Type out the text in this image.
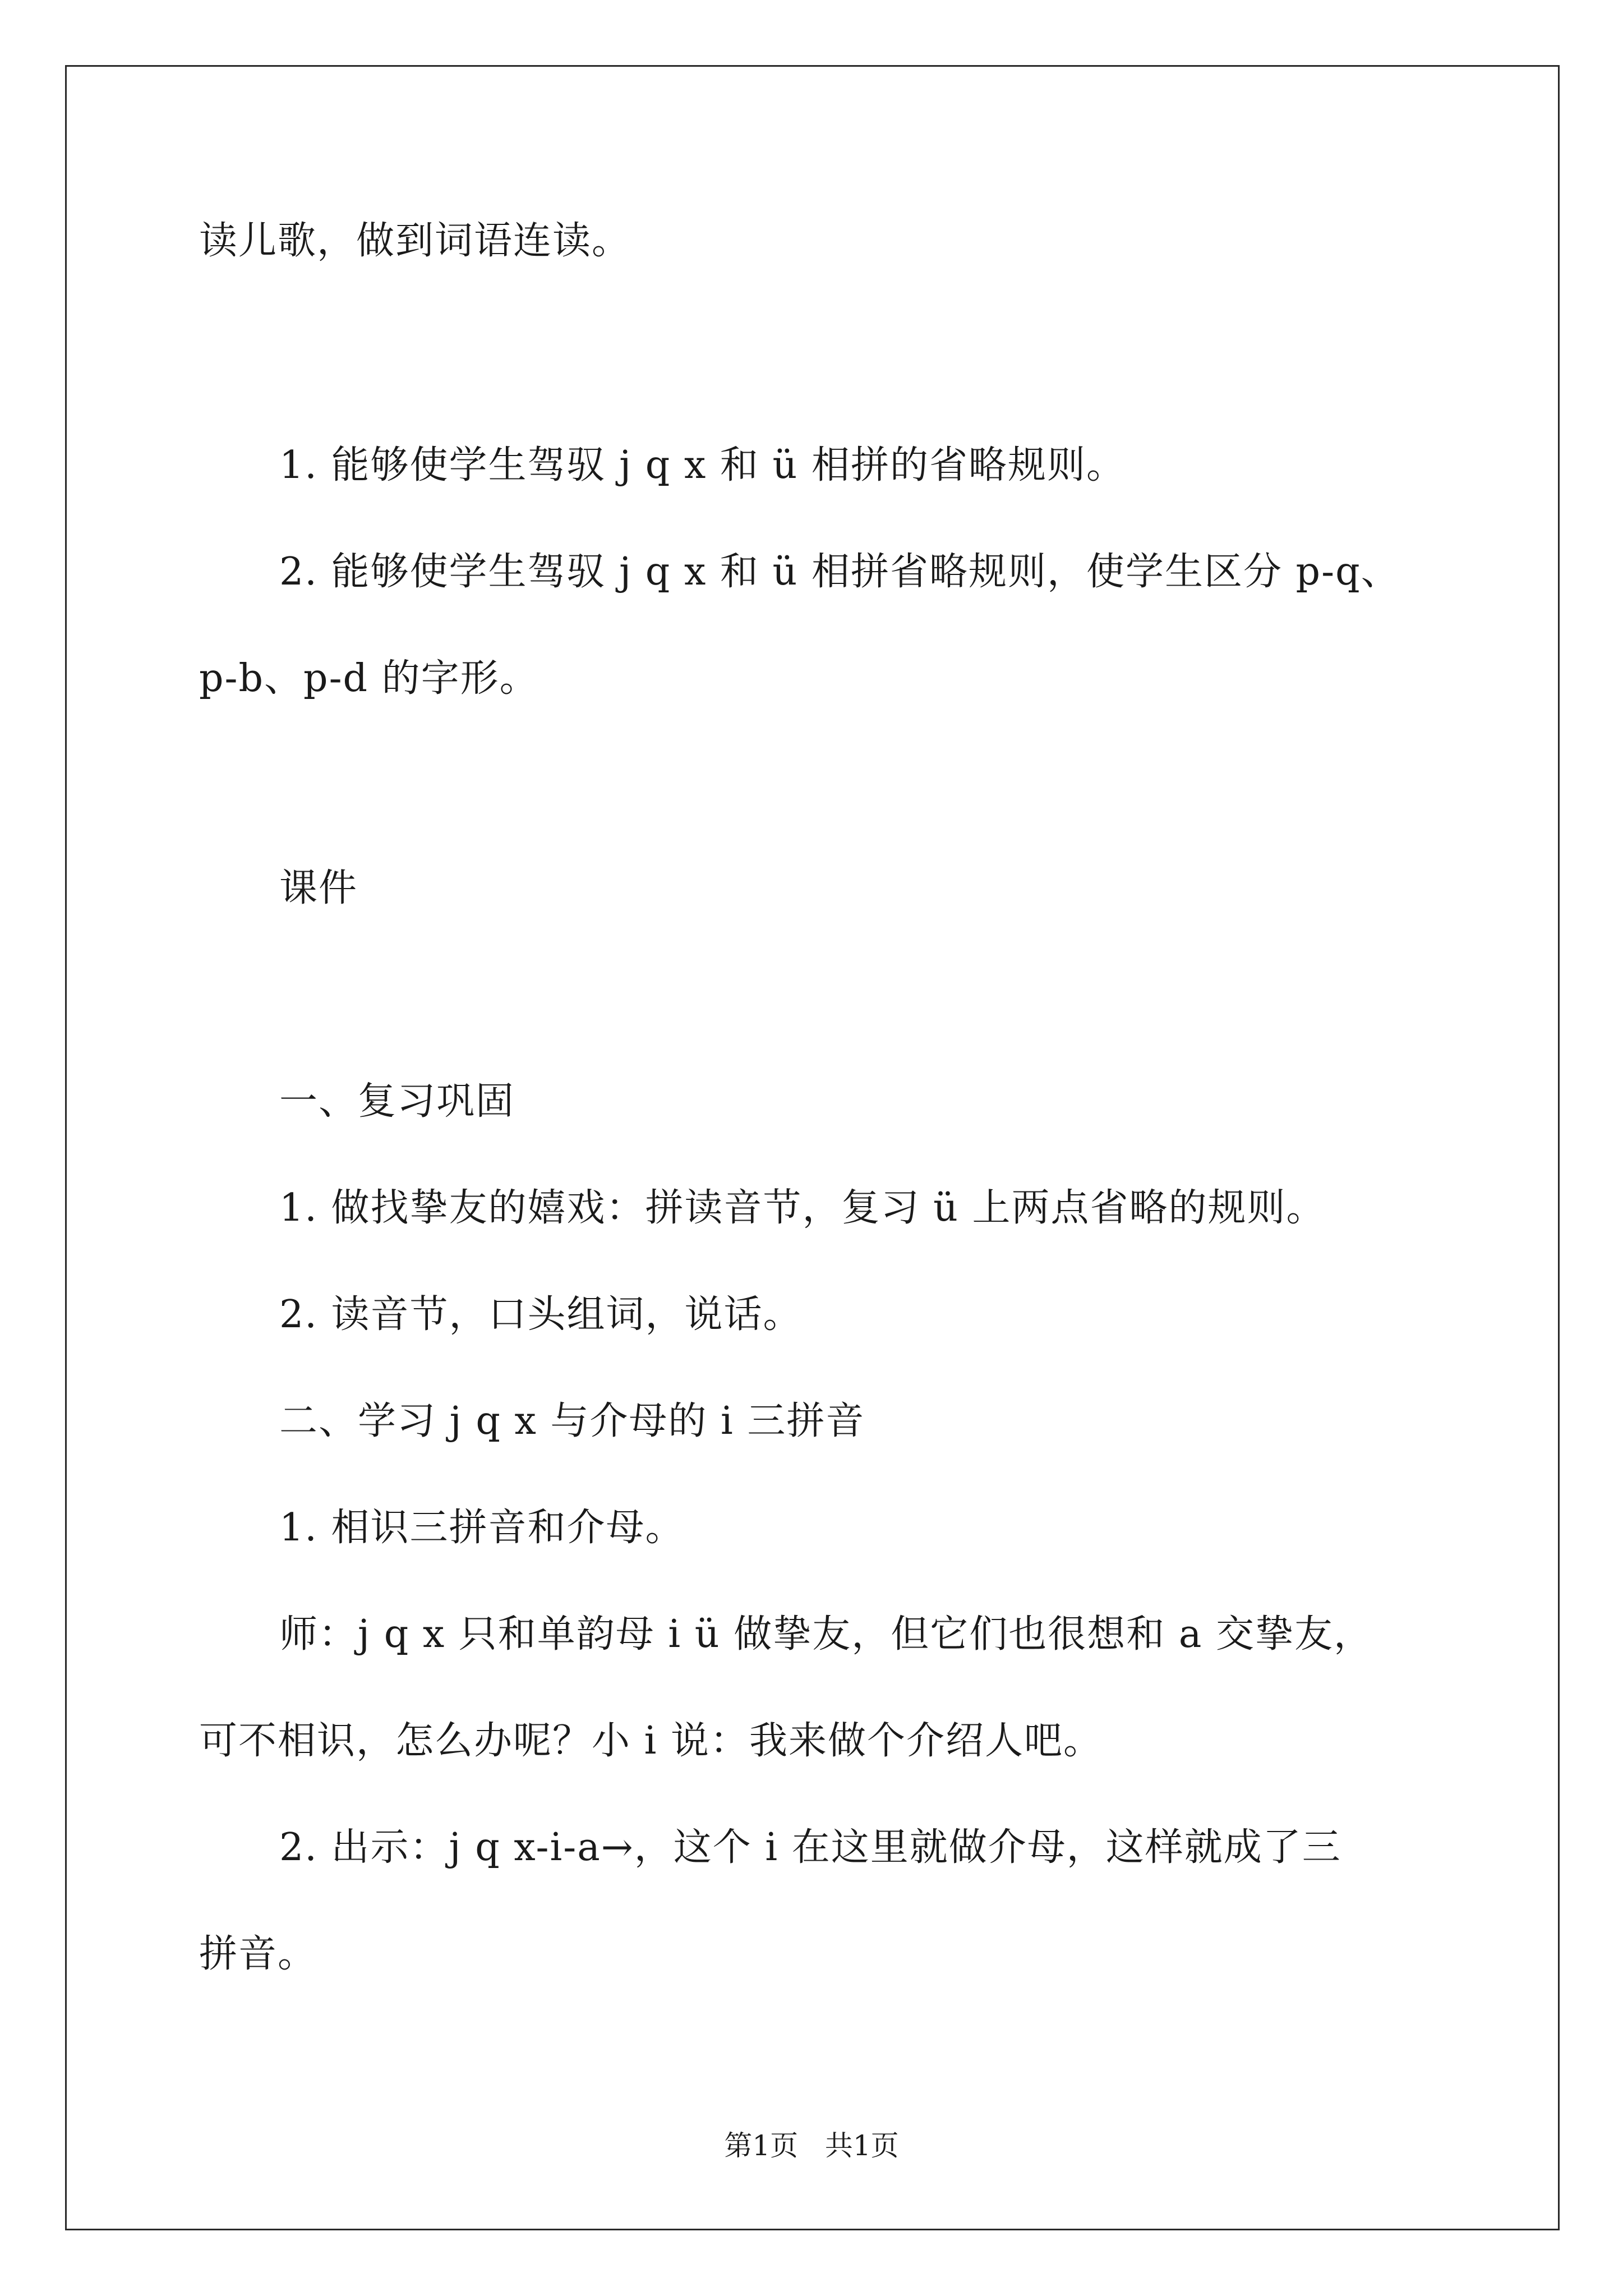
读儿歌，做到词语连读。
1. 能够使学生驾驭 j q x 和 ü 相拼的省略规则。
2. 能够使学生驾驭 j q x 和 ü 相拼省略规则，使学生区分 p-q、
p-b、p-d 的字形。
课件
一、复习巩固
1. 做找挚友的嬉戏：拼读音节，复习 ü 上两点省略的规则。
2. 读音节，口头组词，说话。
二、学习 j q x 与介母的 i 三拼音
1. 相识三拼音和介母。
师：j q x 只和单韵母 i ü 做挚友，但它们也很想和 a 交挚友，
可不相识，怎么办呢？小 i 说：我来做个介绍人吧。
2. 出示：j q x-i-a→，这个 i 在这里就做介母，这样就成了三
拼音。
第1页   共1页
